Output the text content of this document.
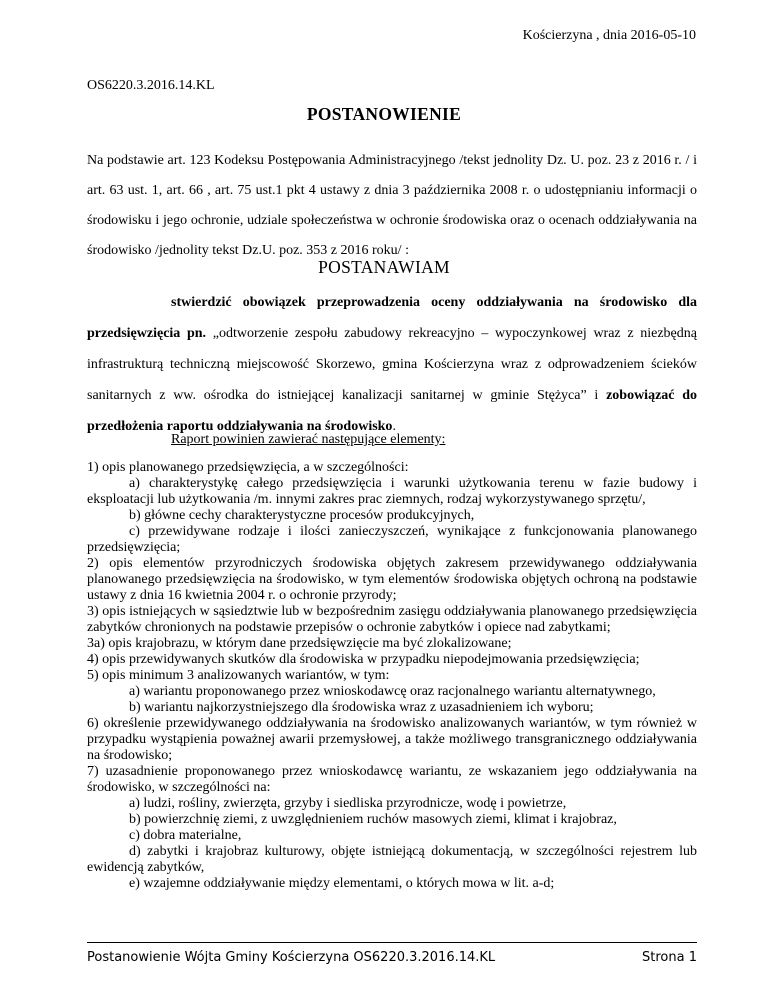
Kościerzyna , dnia 2016-05-10
OS6220.3.2016.14.KL
POSTANOWIENIE
Na podstawie art. 123 Kodeksu Postępowania Administracyjnego /tekst jednolity Dz. U. poz. 23 z 2016 r. / i art. 63 ust. 1, art. 66 , art. 75 ust.1 pkt 4 ustawy z dnia 3 października 2008 r. o udostępnianiu informacji o środowisku i jego ochronie, udziale społeczeństwa w ochronie środowiska oraz o ocenach oddziaływania na środowisko /jednolity tekst Dz.U. poz. 353 z 2016 roku/ :
POSTANAWIAM
stwierdzić obowiązek przeprowadzenia oceny oddziaływania na środowisko dla przedsięwzięcia pn. „odtworzenie zespołu zabudowy rekreacyjno – wypoczynkowej wraz z niezbędną infrastrukturą techniczną miejscowość Skorzewo, gmina Kościerzyna wraz z odprowadzeniem ścieków sanitarnych z ww. ośrodka do istniejącej kanalizacji sanitarnej w gminie Stężyca” i zobowiązać do przedłożenia raportu oddziaływania na środowisko.
Raport powinien zawierać następujące elementy:

1) opis planowanego przedsięwzięcia, a w szczególności:

a) charakterystykę całego przedsięwzięcia i warunki użytkowania terenu w fazie budowy i eksploatacji lub użytkowania /m. innymi zakres prac ziemnych, rodzaj wykorzystywanego sprzętu/,

b) główne cechy charakterystyczne procesów produkcyjnych,

c) przewidywane rodzaje i ilości zanieczyszczeń, wynikające z funkcjonowania planowanego przedsięwzięcia;

2) opis elementów przyrodniczych środowiska objętych zakresem przewidywanego oddziaływania planowanego przedsięwzięcia na środowisko, w tym elementów środowiska objętych ochroną na podstawie ustawy z dnia 16 kwietnia 2004 r. o ochronie przyrody;

3) opis istniejących w sąsiedztwie lub w bezpośrednim zasięgu oddziaływania planowanego przedsięwzięcia zabytków chronionych na podstawie przepisów o ochronie zabytków i opiece nad zabytkami;

3a) opis krajobrazu, w którym dane przedsięwzięcie ma być zlokalizowane;

4) opis przewidywanych skutków dla środowiska w przypadku niepodejmowania przedsięwzięcia;

5) opis minimum 3 analizowanych wariantów, w tym:

a) wariantu proponowanego przez wnioskodawcę oraz racjonalnego wariantu alternatywnego,

b) wariantu najkorzystniejszego dla środowiska wraz z uzasadnieniem ich wyboru;

6) określenie przewidywanego oddziaływania na środowisko analizowanych wariantów, w tym również w przypadku wystąpienia poważnej awarii przemysłowej, a także możliwego transgranicznego oddziaływania na środowisko;

7) uzasadnienie proponowanego przez wnioskodawcę wariantu, ze wskazaniem jego oddziaływania na środowisko, w szczególności na:

a) ludzi, rośliny, zwierzęta, grzyby i siedliska przyrodnicze, wodę i powietrze,

b) powierzchnię ziemi, z uwzględnieniem ruchów masowych ziemi, klimat i krajobraz,

c) dobra materialne,

d) zabytki i krajobraz kulturowy, objęte istniejącą dokumentacją, w szczególności rejestrem lub ewidencją zabytków,

e) wzajemne oddziaływanie między elementami, o których mowa w lit. a-d;

Postanowienie Wójta Gminy Kościerzyna OS6220.3.2016.14.KL	Strona 1
